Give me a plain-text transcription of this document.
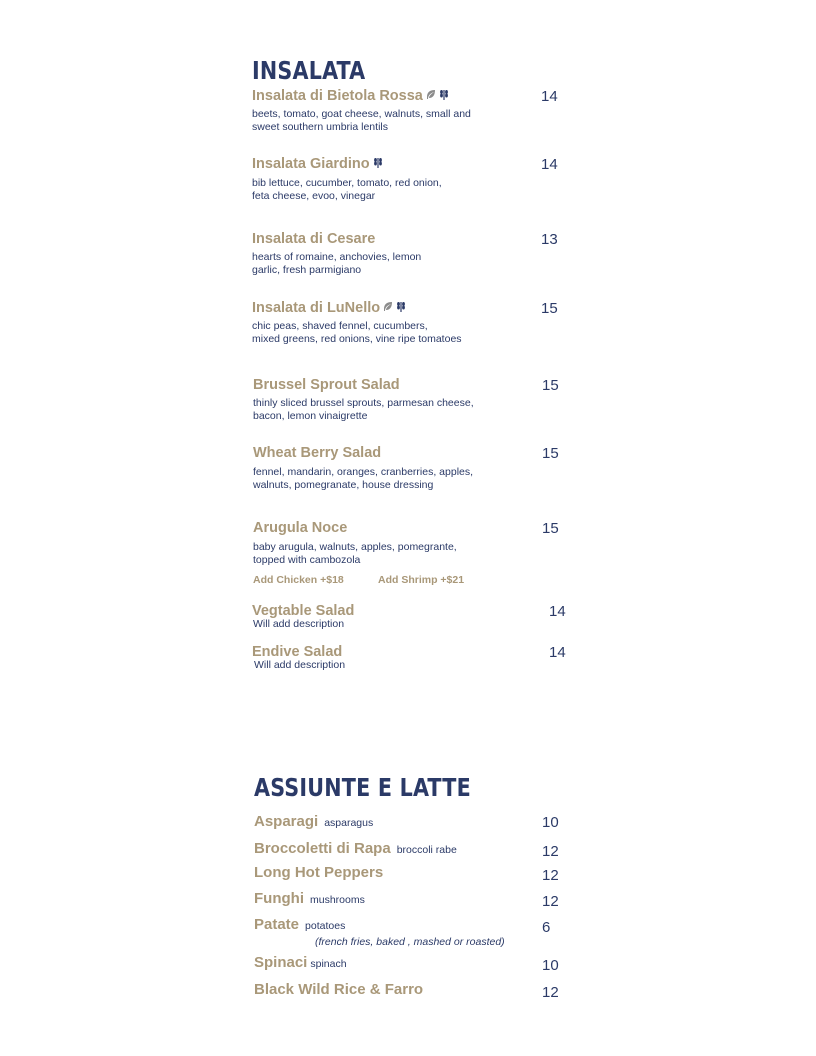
INSALATA
Insalata di Bietola Rossa	14
beets, tomato, goat cheese, walnuts, small and
sweet southern umbria lentils
Insalata Giardino	14
bib lettuce, cucumber, tomato, red onion,
feta cheese, evoo, vinegar
Insalata di Cesare	13
hearts of romaine, anchovies, lemon
garlic, fresh parmigiano
Insalata di LuNello	15
chic peas, shaved fennel, cucumbers,
mixed greens, red onions, vine ripe tomatoes
Brussel Sprout Salad	15
thinly sliced brussel sprouts, parmesan cheese,
bacon, lemon vinaigrette
Wheat Berry Salad	15
fennel, mandarin, oranges, cranberries, apples,
walnuts, pomegranate, house dressing
Arugula Noce	15
baby arugula, walnuts, apples, pomegrante,
topped with cambozola
Add Chicken +$18	Add Shrimp +$21
Vegtable Salad	14
Will add description
Endive Salad	14
Will add description
ASSIUNTE E LATTE
Asparagi asparagus	10
Broccoletti di Rapa broccoli rabe	12
Long Hot Peppers	12
Funghi mushrooms	12
Patate potatoes	6
(french fries, baked , mashed or roasted)
Spinaci spinach	10
Black Wild Rice & Farro	12
